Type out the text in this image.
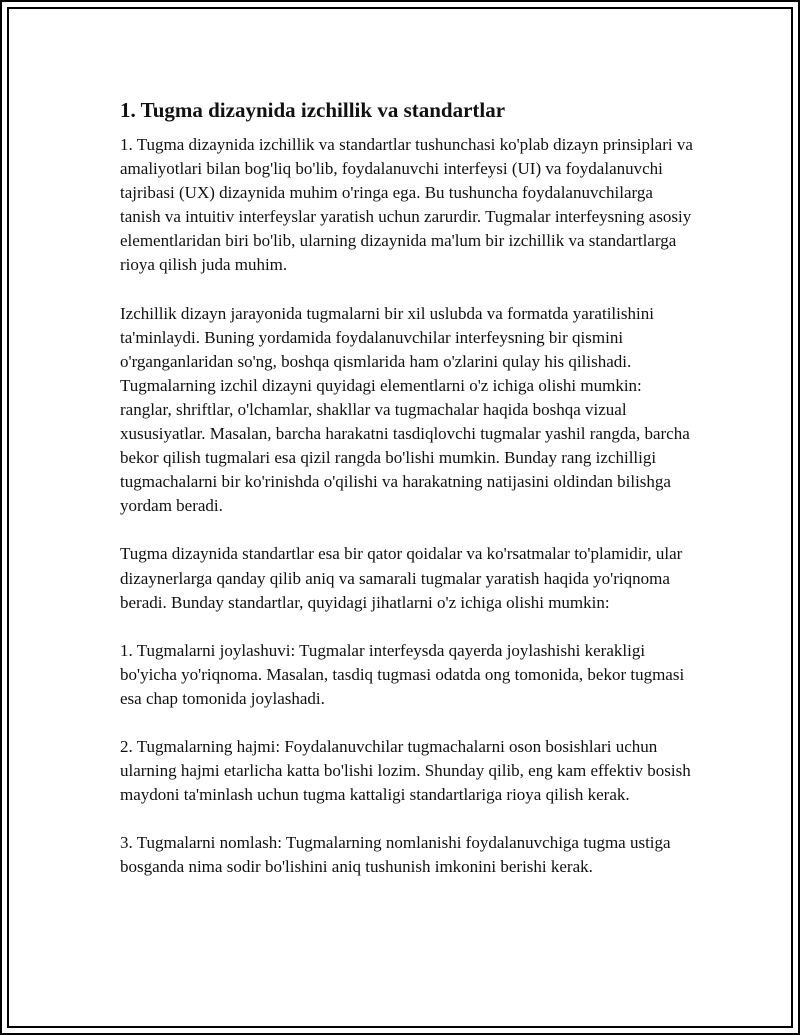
1. Tugma dizaynida izchillik va standartlar

1. Tugma dizaynida izchillik va standartlar tushunchasi ko'plab dizayn prinsiplari va amaliyotlari bilan bog'liq bo'lib, foydalanuvchi interfeysi (UI) va foydalanuvchi tajribasi (UX) dizaynida muhim o'ringa ega. Bu tushuncha foydalanuvchilarga tanish va intuitiv interfeyslar yaratish uchun zarurdir. Tugmalar interfeysning asosiy elementlaridan biri bo'lib, ularning dizaynida ma'lum bir izchillik va standartlarga rioya qilish juda muhim.

Izchillik dizayn jarayonida tugmalarni bir xil uslubda va formatda yaratilishini ta'minlaydi. Buning yordamida foydalanuvchilar interfeysning bir qismini o'rganganlaridan so'ng, boshqa qismlarida ham o'zlarini qulay his qilishadi. Tugmalarning izchil dizayni quyidagi elementlarni o'z ichiga olishi mumkin: ranglar, shriftlar, o'lchamlar, shakllar va tugmachalar haqida boshqa vizual xususiyatlar. Masalan, barcha harakatni tasdiqlovchi tugmalar yashil rangda, barcha bekor qilish tugmalari esa qizil rangda bo'lishi mumkin. Bunday rang izchilligi tugmachalarni bir ko'rinishda o'qilishi va harakatning natijasini oldindan bilishga yordam beradi.

Tugma dizaynida standartlar esa bir qator qoidalar va ko'rsatmalar to'plamidir, ular dizaynerlarga qanday qilib aniq va samarali tugmalar yaratish haqida yo'riqnoma beradi. Bunday standartlar, quyidagi jihatlarni o'z ichiga olishi mumkin:

1. Tugmalarni joylashuvi: Tugmalar interfeysda qayerda joylashishi kerakligi bo'yicha yo'riqnoma. Masalan, tasdiq tugmasi odatda ong tomonida, bekor tugmasi esa chap tomonida joylashadi.

2. Tugmalarning hajmi: Foydalanuvchilar tugmachalarni oson bosishlari uchun ularning hajmi etarlicha katta bo'lishi lozim. Shunday qilib, eng kam effektiv bosish maydoni ta'minlash uchun tugma kattaligi standartlariga rioya qilish kerak.

3. Tugmalarni nomlash: Tugmalarning nomlanishi foydalanuvchiga tugma ustiga bosganda nima sodir bo'lishini aniq tushunish imkonini berishi kerak.
